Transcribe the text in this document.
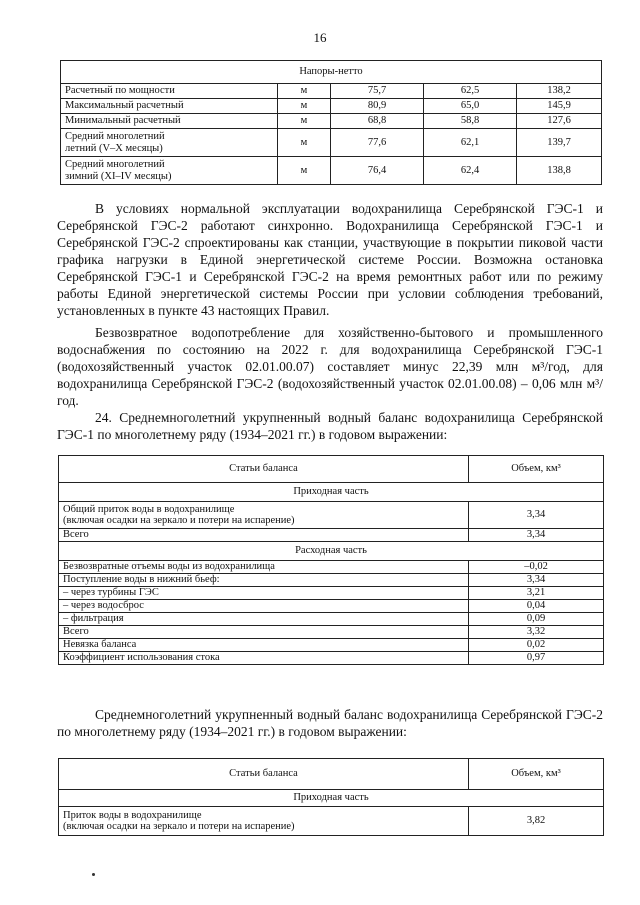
16
Напоры-нетто				
Расчетный по мощности	м	75,7	62,5	138,2
Максимальный расчетный	м	80,9	65,0	145,9
Минимальный расчетный	м	68,8	58,8	127,6
Средний многолетний
летний (V–X месяцы)	м	77,6	62,1	139,7
Средний многолетний
зимний (XI–IV месяцы)	м	76,4	62,4	138,8

В условиях нормальной эксплуатации водохранилища Серебрянской ГЭС-1 и Серебрянской ГЭС-2 работают синхронно. Водохранилища Серебрянской ГЭС-1 и Серебрянской ГЭС-2 спроектированы как станции, участвующие в покрытии пиковой части графика нагрузки в Единой энергетической системе России. Возможна остановка Серебрянской ГЭС-1 и Серебрянской ГЭС-2 на время ремонтных работ или по режиму работы Единой энергетической системы России при условии соблюдения требований, установленных в пункте 43 настоящих Правил.

Безвозвратное водопотребление для хозяйственно-бытового и промышленного водоснабжения по состоянию на 2022 г. для водохранилища Серебрянской ГЭС-1 (водохозяйственный участок 02.01.00.07) составляет минус 22,39 млн м³/год, для водохранилища Серебрянской ГЭС-2 (водохозяйственный участок 02.01.00.08) – 0,06 млн м³/год.

24. Среднемноголетний укрупненный водный баланс водохранилища Серебрянской ГЭС-1 по многолетнему ряду (1934–2021 гг.) в годовом выражении:

Статьи баланса	Объем, км³
Приходная часть	
Общий приток воды в водохранилище
(включая осадки на зеркало и потери на испарение)	3,34
Всего	3,34
Расходная часть	
Безвозвратные отъемы воды из водохранилища	–0,02
Поступление воды в нижний бьеф:	3,34
– через турбины ГЭС	3,21
– через водосброс	0,04
– фильтрация	0,09
Всего	3,32
Невязка баланса	0,02
Коэффициент использования стока	0,97

Среднемноголетний укрупненный водный баланс водохранилища Серебрянской ГЭС-2 по многолетнему ряду (1934–2021 гг.) в годовом выражении:

Статьи баланса	Объем, км³
Приходная часть	
Приток воды в водохранилище
(включая осадки на зеркало и потери на испарение)	3,82
